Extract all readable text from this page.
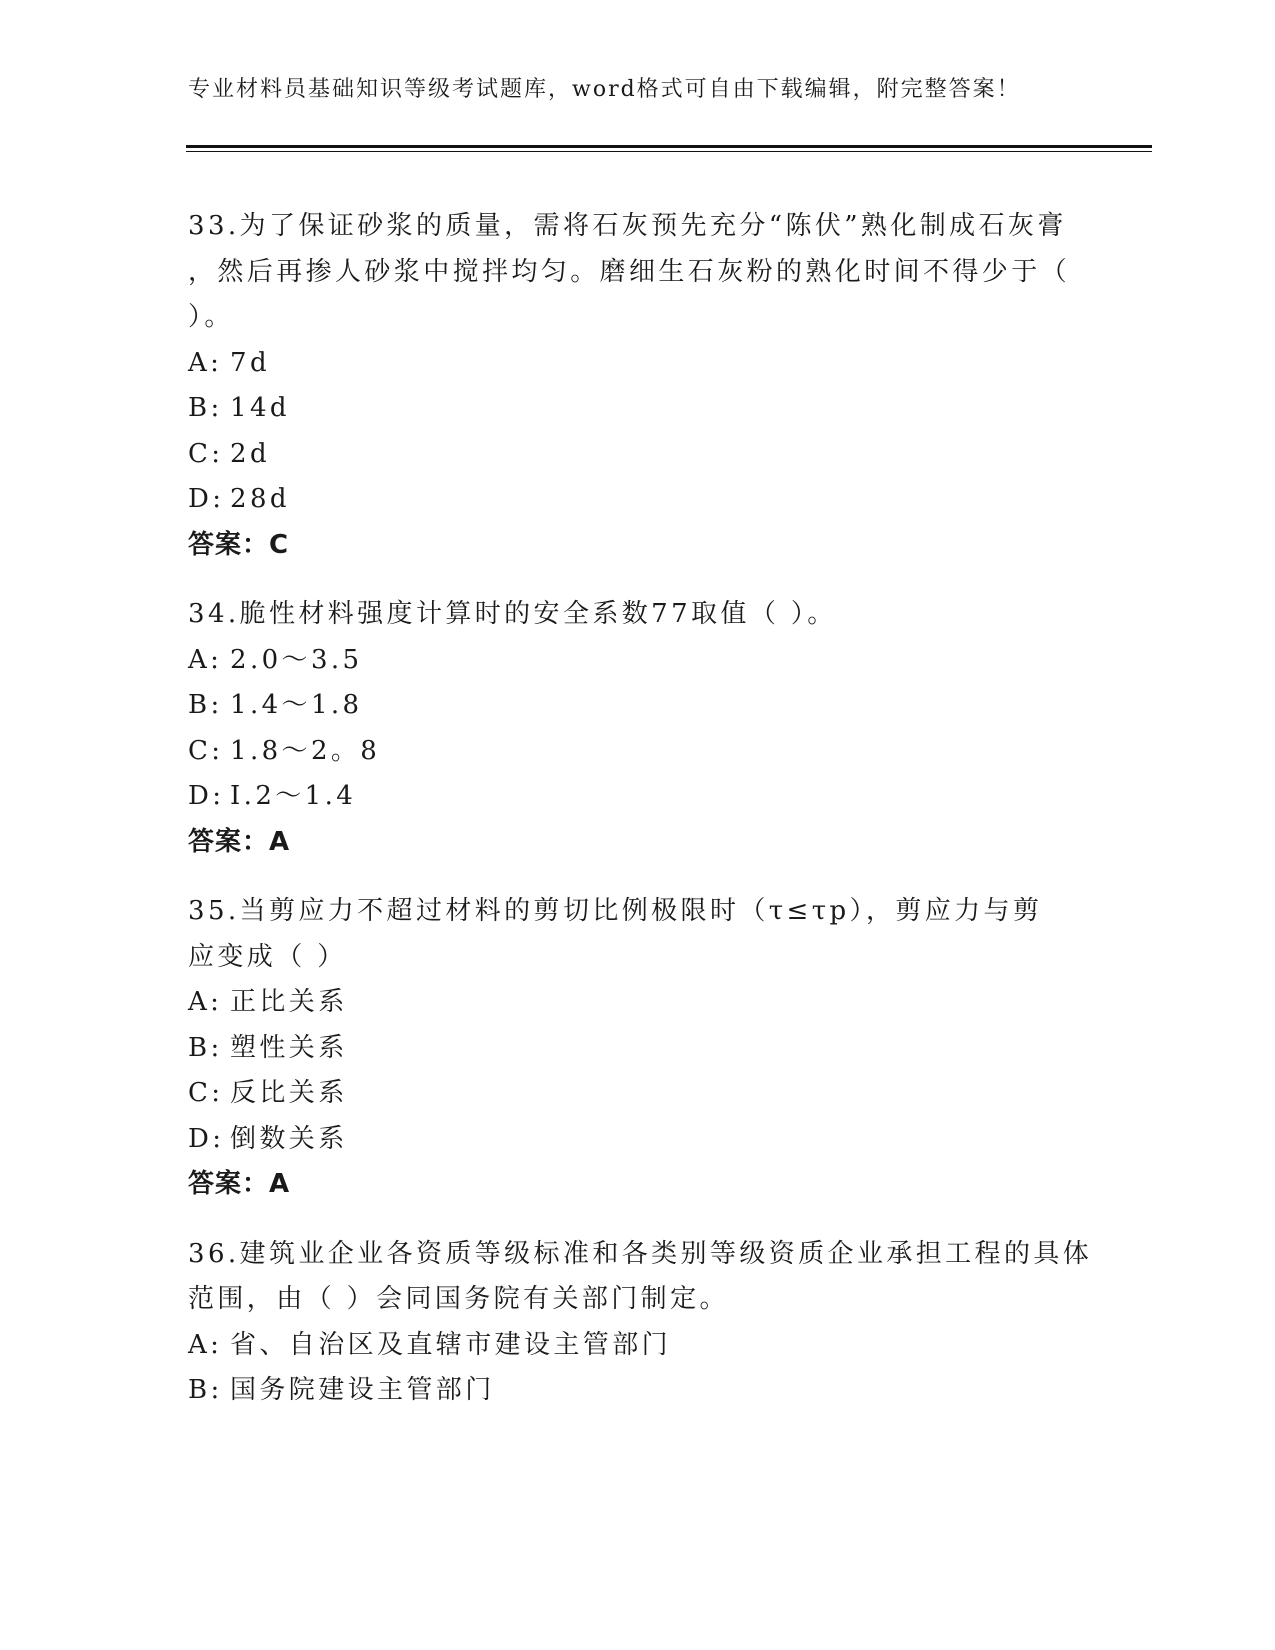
专业材料员基础知识等级考试题库，word格式可自由下载编辑，附完整答案！
33.为了保证砂浆的质量，需将石灰预先充分“陈伏”熟化制成石灰膏
，然后再掺人砂浆中搅拌均匀。磨细生石灰粉的熟化时间不得少于（
）。
A: 7d
B: 14d
C: 2d
D: 28d
答案：C
34.脆性材料强度计算时的安全系数77取值（ ）。
A: 2.0～3.5
B: 1.4～1.8
C: 1.8～2。8
D: I.2～1.4
答案：A
35.当剪应力不超过材料的剪切比例极限时（τ≤τp），剪应力与剪
应变成（ ）
A: 正比关系
B: 塑性关系
C: 反比关系
D: 倒数关系
答案：A
36.建筑业企业各资质等级标准和各类别等级资质企业承担工程的具体
范围，由（ ）会同国务院有关部门制定。
A: 省、自治区及直辖市建设主管部门
B: 国务院建设主管部门
